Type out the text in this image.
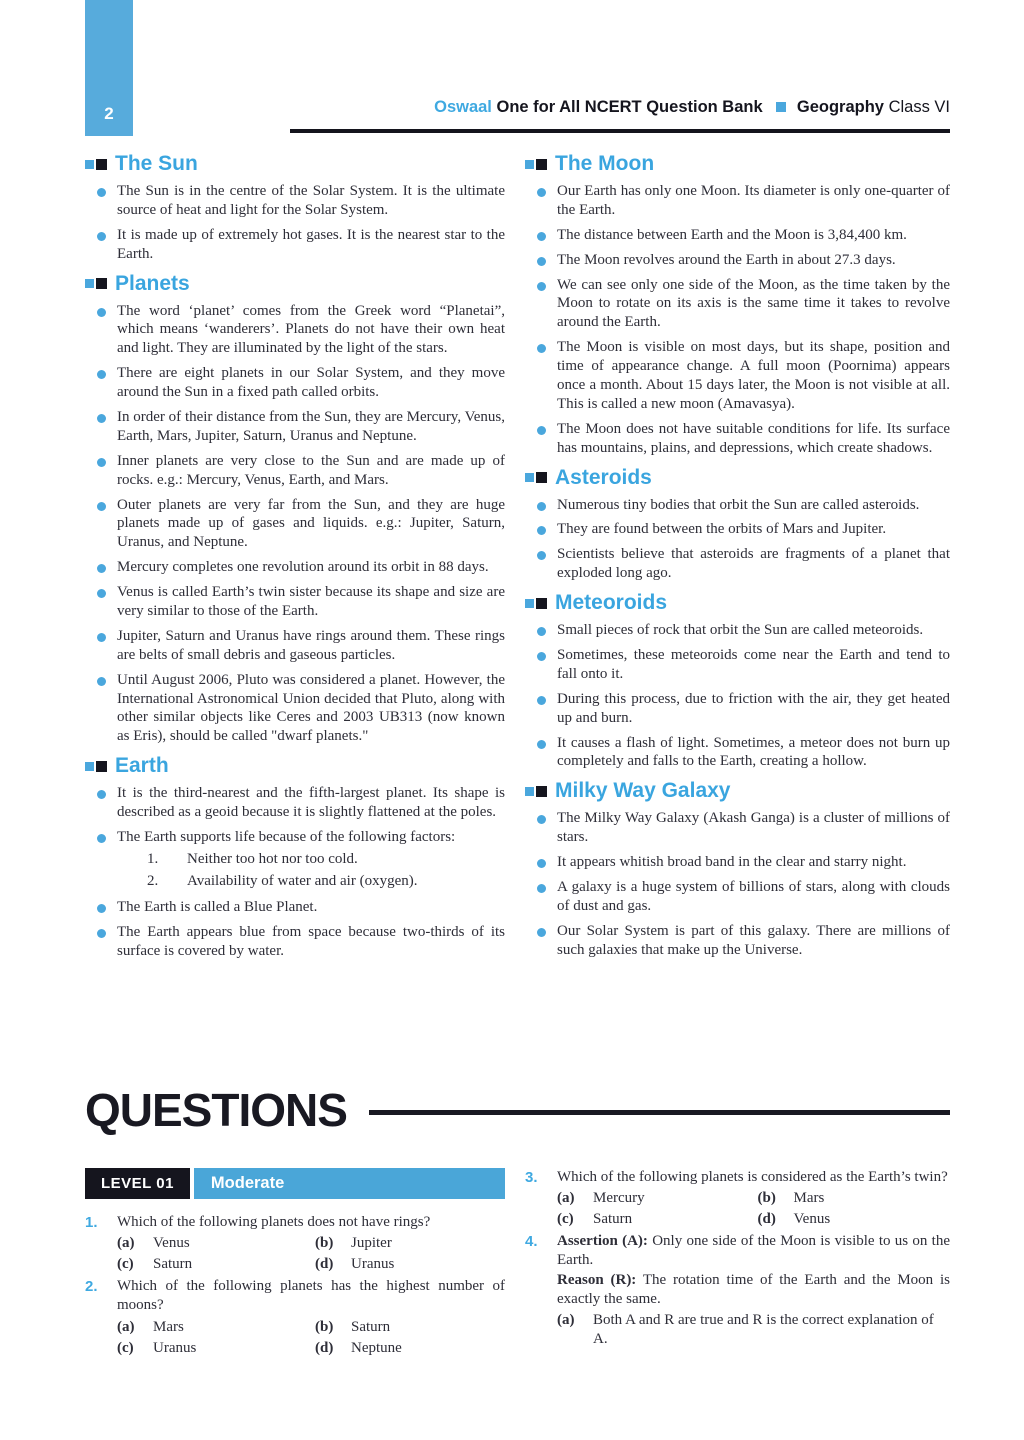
2	Oswaal One for All NCERT Question Bank Geography Class VI
The Sun
The Sun is in the centre of the Solar System. It is the ultimate source of heat and light for the Solar System.
It is made up of extremely hot gases. It is the nearest star to the Earth.
Planets
The word ‘planet’ comes from the Greek word “Planetai”, which means ‘wanderers’. Planets do not have their own heat and light. They are illuminated by the light of the stars.
There are eight planets in our Solar System, and they move around the Sun in a fixed path called orbits.
In order of their distance from the Sun, they are Mercury, Venus, Earth, Mars, Jupiter, Saturn, Uranus and Neptune.
Inner planets are very close to the Sun and are made up of rocks. e.g.: Mercury, Venus, Earth, and Mars.
Outer planets are very far from the Sun, and they are huge planets made up of gases and liquids. e.g.: Jupiter, Saturn, Uranus, and Neptune.
Mercury completes one revolution around its orbit in 88 days.
Venus is called Earth’s twin sister because its shape and size are very similar to those of the Earth.
Jupiter, Saturn and Uranus have rings around them. These rings are belts of small debris and gaseous particles.
Until August 2006, Pluto was considered a planet. However, the International Astronomical Union decided that Pluto, along with other similar objects like Ceres and 2003 UB313 (now known as Eris), should be called "dwarf planets."
Earth
It is the third-nearest and the fifth-largest planet. Its shape is described as a geoid because it is slightly flattened at the poles.
The Earth supports life because of the following factors:
1.	Neither too hot nor too cold.
2.	Availability of water and air (oxygen).
The Earth is called a Blue Planet.
The Earth appears blue from space because two-thirds of its surface is covered by water.
The Moon
Our Earth has only one Moon. Its diameter is only one-quarter of the Earth.
The distance between Earth and the Moon is 3,84,400 km.
The Moon revolves around the Earth in about 27.3 days.
We can see only one side of the Moon, as the time taken by the Moon to rotate on its axis is the same time it takes to revolve around the Earth.
The Moon is visible on most days, but its shape, position and time of appearance change. A full moon (Poornima) appears once a month. About 15 days later, the Moon is not visible at all. This is called a new moon (Amavasya).
The Moon does not have suitable conditions for life. Its surface has mountains, plains, and depressions, which create shadows.
Asteroids
Numerous tiny bodies that orbit the Sun are called asteroids.
They are found between the orbits of Mars and Jupiter.
Scientists believe that asteroids are fragments of a planet that exploded long ago.
Meteoroids
Small pieces of rock that orbit the Sun are called meteoroids.
Sometimes, these meteoroids come near the Earth and tend to fall onto it.
During this process, due to friction with the air, they get heated up and burn.
It causes a flash of light. Sometimes, a meteor does not burn up completely and falls to the Earth, creating a hollow.
Milky Way Galaxy
The Milky Way Galaxy (Akash Ganga) is a cluster of millions of stars.
It appears whitish broad band in the clear and starry night.
A galaxy is a huge system of billions of stars, along with clouds of dust and gas.
Our Solar System is part of this galaxy. There are millions of such galaxies that make up the Universe.
QUESTIONS
LEVEL 01	Moderate
1.	Which of the following planets does not have rings?
(a)	Venus	(b)	Jupiter
(c)	Saturn	(d)	Uranus
2.	Which of the following planets has the highest number of moons?
(a)	Mars	(b)	Saturn
(c)	Uranus	(d)	Neptune
3.	Which of the following planets is considered as the Earth’s twin?
(a)	Mercury	(b)	Mars
(c)	Saturn	(d)	Venus
4.	Assertion (A): Only one side of the Moon is visible to us on the Earth.
Reason (R): The rotation time of the Earth and the Moon is exactly the same.
(a)	Both A and R are true and R is the correct explanation of A.
